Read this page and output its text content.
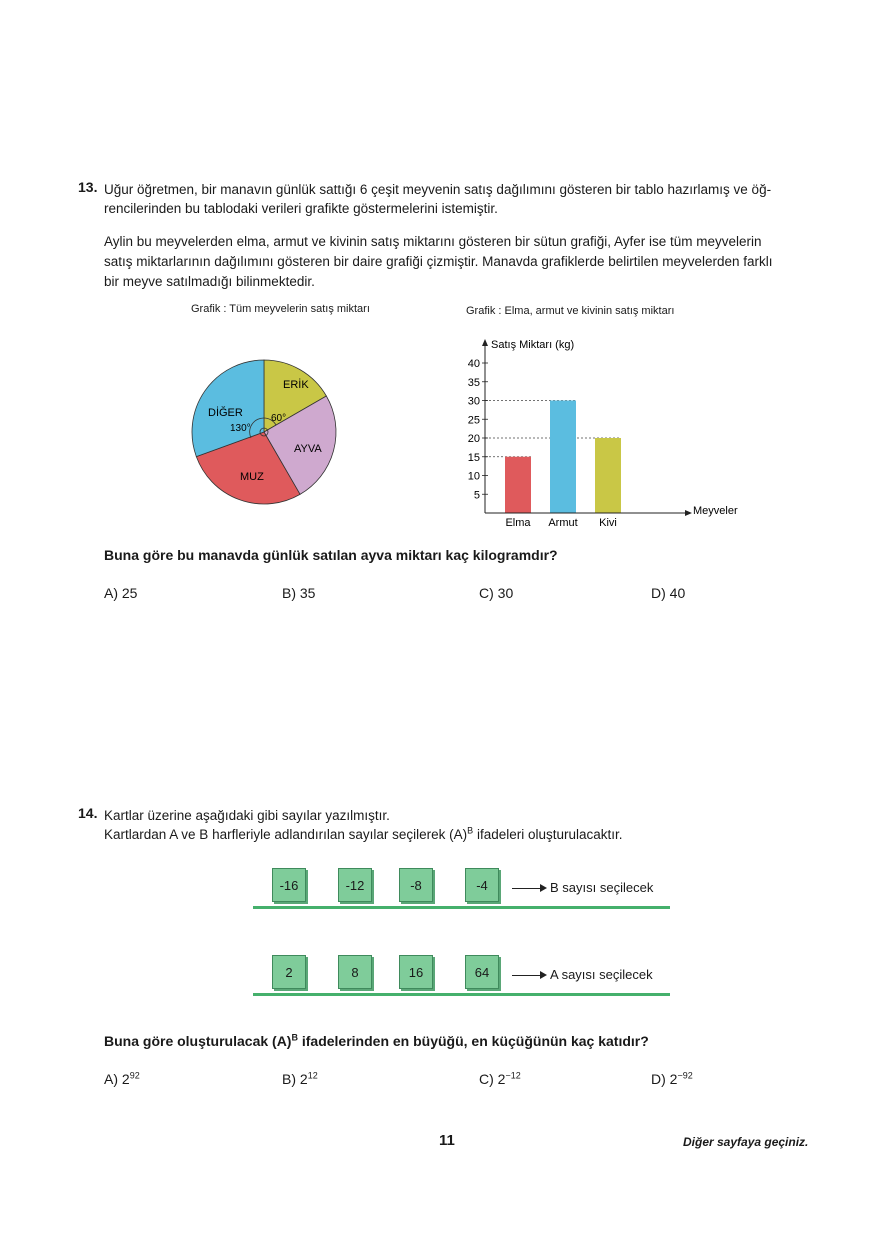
13. Uğur öğretmen, bir manavın günlük sattığı 6 çeşit meyvenin satış dağılımını gösteren bir tablo hazırlamış ve öğ-
rencilerinden bu tablodaki verileri grafikte göstermelerini istemiştir.
Aylin bu meyvelerden elma, armut ve kivinin satış miktarını gösteren bir sütun grafiği, Ayfer ise tüm meyvelerin
satış miktarlarının dağılımını gösteren bir daire grafiği çizmiştir. Manavda grafiklerde belirtilen meyvelerden farklı
bir meyve satılmadığı bilinmektedir.
Grafik : Tüm meyvelerin satış miktarı	Grafik : Elma, armut ve kivinin satış miktarı
ERİK
AYVA
MUZ
DİĞER	60°
130°
Elma Armut Kivi
5
10
15
20
25
30
35
40
Satış Miktarı (kg)
Meyveler
Buna göre bu manavda günlük satılan ayva miktarı kaç kilogramdır?
A) 25	B) 35	C) 30	D) 40
14. Kartlar üzerine aşağıdaki gibi sayılar yazılmıştır.
Kartlardan A ve B harfleriyle adlandırılan sayılar seçilerek $(A)^B$ ifadeleri oluşturulacaktır.
-16	-12	-8	-4	B sayısı seçilecek
2	8	16	64	A sayısı seçilecek
Buna göre oluşturulacak $(A)^B$ ifadelerinden en büyüğü, en küçüğünün kaç katıdır?
A) $2^{92}$	B) $2^{12}$	C) $2^{-12}$	D) $2^{-92}$
11	Diğer sayfaya geçiniz.
